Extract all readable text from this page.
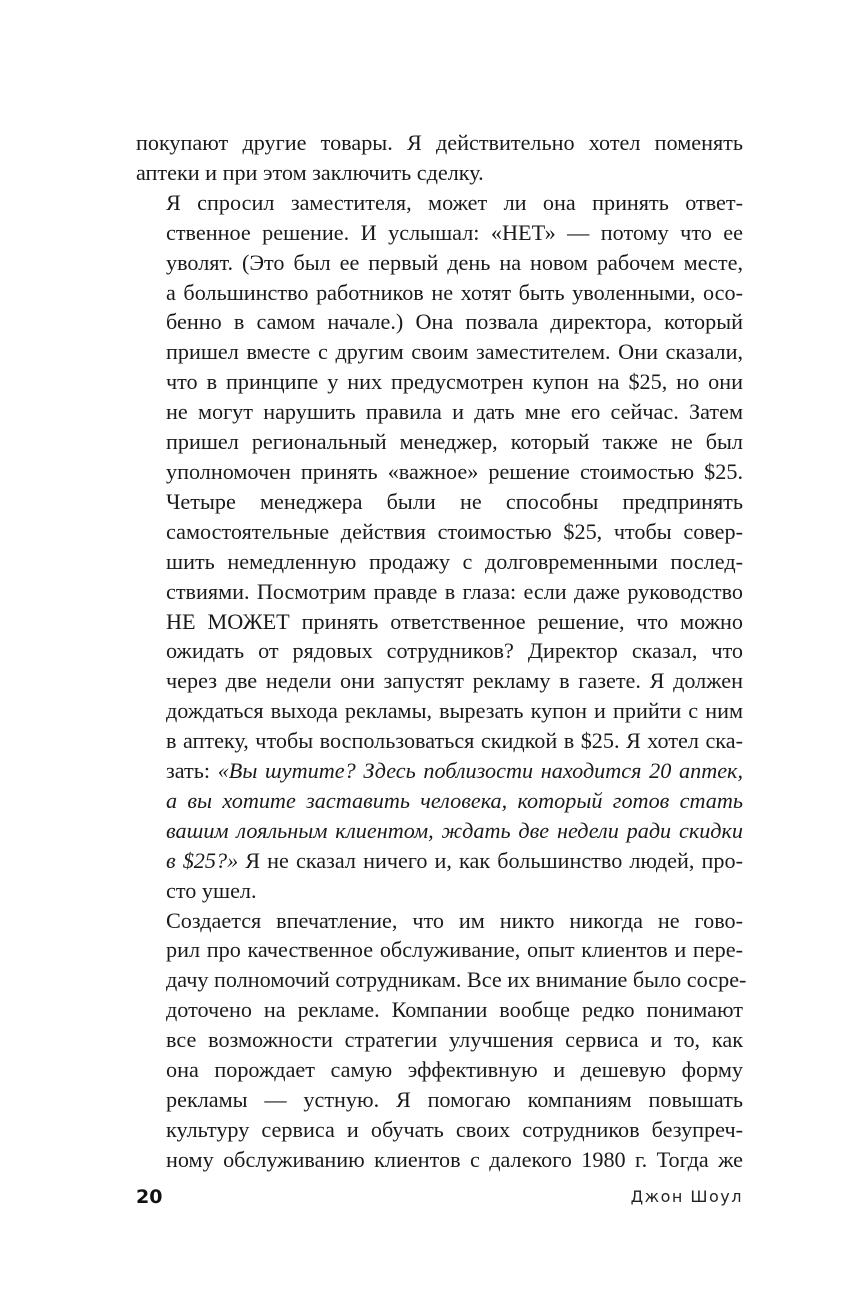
покупают другие товары. Я действительно хотел поменять
аптеки и при этом заключить сделку.

Я спросил заместителя, может ли она принять ответ-
ственное решение. И услышал: «НЕТ» — потому что ее
уволят. (Это был ее первый день на новом рабочем месте,
а большинство работников не хотят быть уволенными, осо-
бенно в самом начале.) Она позвала директора, который
пришел вместе с другим своим заместителем. Они сказали,
что в принципе у них предусмотрен купон на $25, но они
не могут нарушить правила и дать мне его сейчас. Затем
пришел региональный менеджер, который также не был
уполномочен принять «важное» решение стоимостью $25.

Четыре менеджера были не способны предпринять
самостоятельные действия стоимостью $25, чтобы совер-
шить немедленную продажу с долговременными послед-
ствиями. Посмотрим правде в глаза: если даже руководство
НЕ МОЖЕТ принять ответственное решение, что можно
ожидать от рядовых сотрудников? Директор сказал, что
через две недели они запустят рекламу в газете. Я должен
дождаться выхода рекламы, вырезать купон и прийти с ним
в аптеку, чтобы воспользоваться скидкой в $25. Я хотел ска-
зать: «Вы шутите? Здесь поблизости находится 20 аптек,
а вы хотите заставить человека, который готов стать
вашим лояльным клиентом, ждать две недели ради скидки
в $25?» Я не сказал ничего и, как большинство людей, про-
сто ушел.

Создается впечатление, что им никто никогда не гово-
рил про качественное обслуживание, опыт клиентов и пере-
дачу полномочий сотрудникам. Все их внимание было сосре-
доточено на рекламе. Компании вообще редко понимают
все возможности стратегии улучшения сервиса и то, как
она порождает самую эффективную и дешевую форму
рекламы — устную. Я помогаю компаниям повышать
культуру сервиса и обучать своих сотрудников безупреч-
ному обслуживанию клиентов с далекого 1980 г. Тогда же

20	Джон Шоул
